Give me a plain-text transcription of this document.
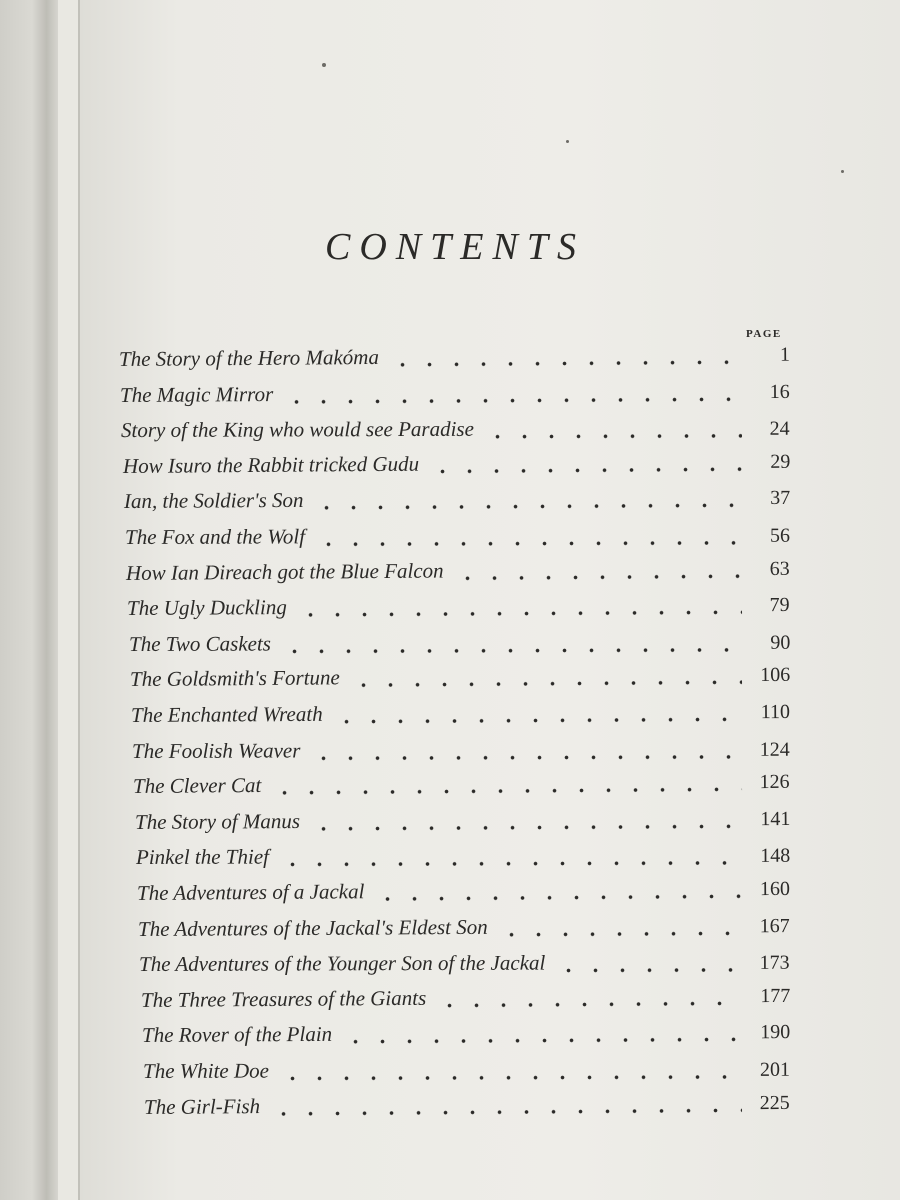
CONTENTS
PAGE
The Story of the Hero Makóma	1
The Magic Mirror	16
Story of the King who would see Paradise	24
How Isuro the Rabbit tricked Gudu	29
Ian, the Soldier's Son	37
The Fox and the Wolf	56
How Ian Direach got the Blue Falcon	63
The Ugly Duckling	79
The Two Caskets	90
The Goldsmith's Fortune	106
The Enchanted Wreath	110
The Foolish Weaver	124
The Clever Cat	126
The Story of Manus	141
Pinkel the Thief	148
The Adventures of a Jackal	160
The Adventures of the Jackal's Eldest Son	167
The Adventures of the Younger Son of the Jackal	173
The Three Treasures of the Giants	177
The Rover of the Plain	190
The White Doe	201
The Girl-Fish	225
